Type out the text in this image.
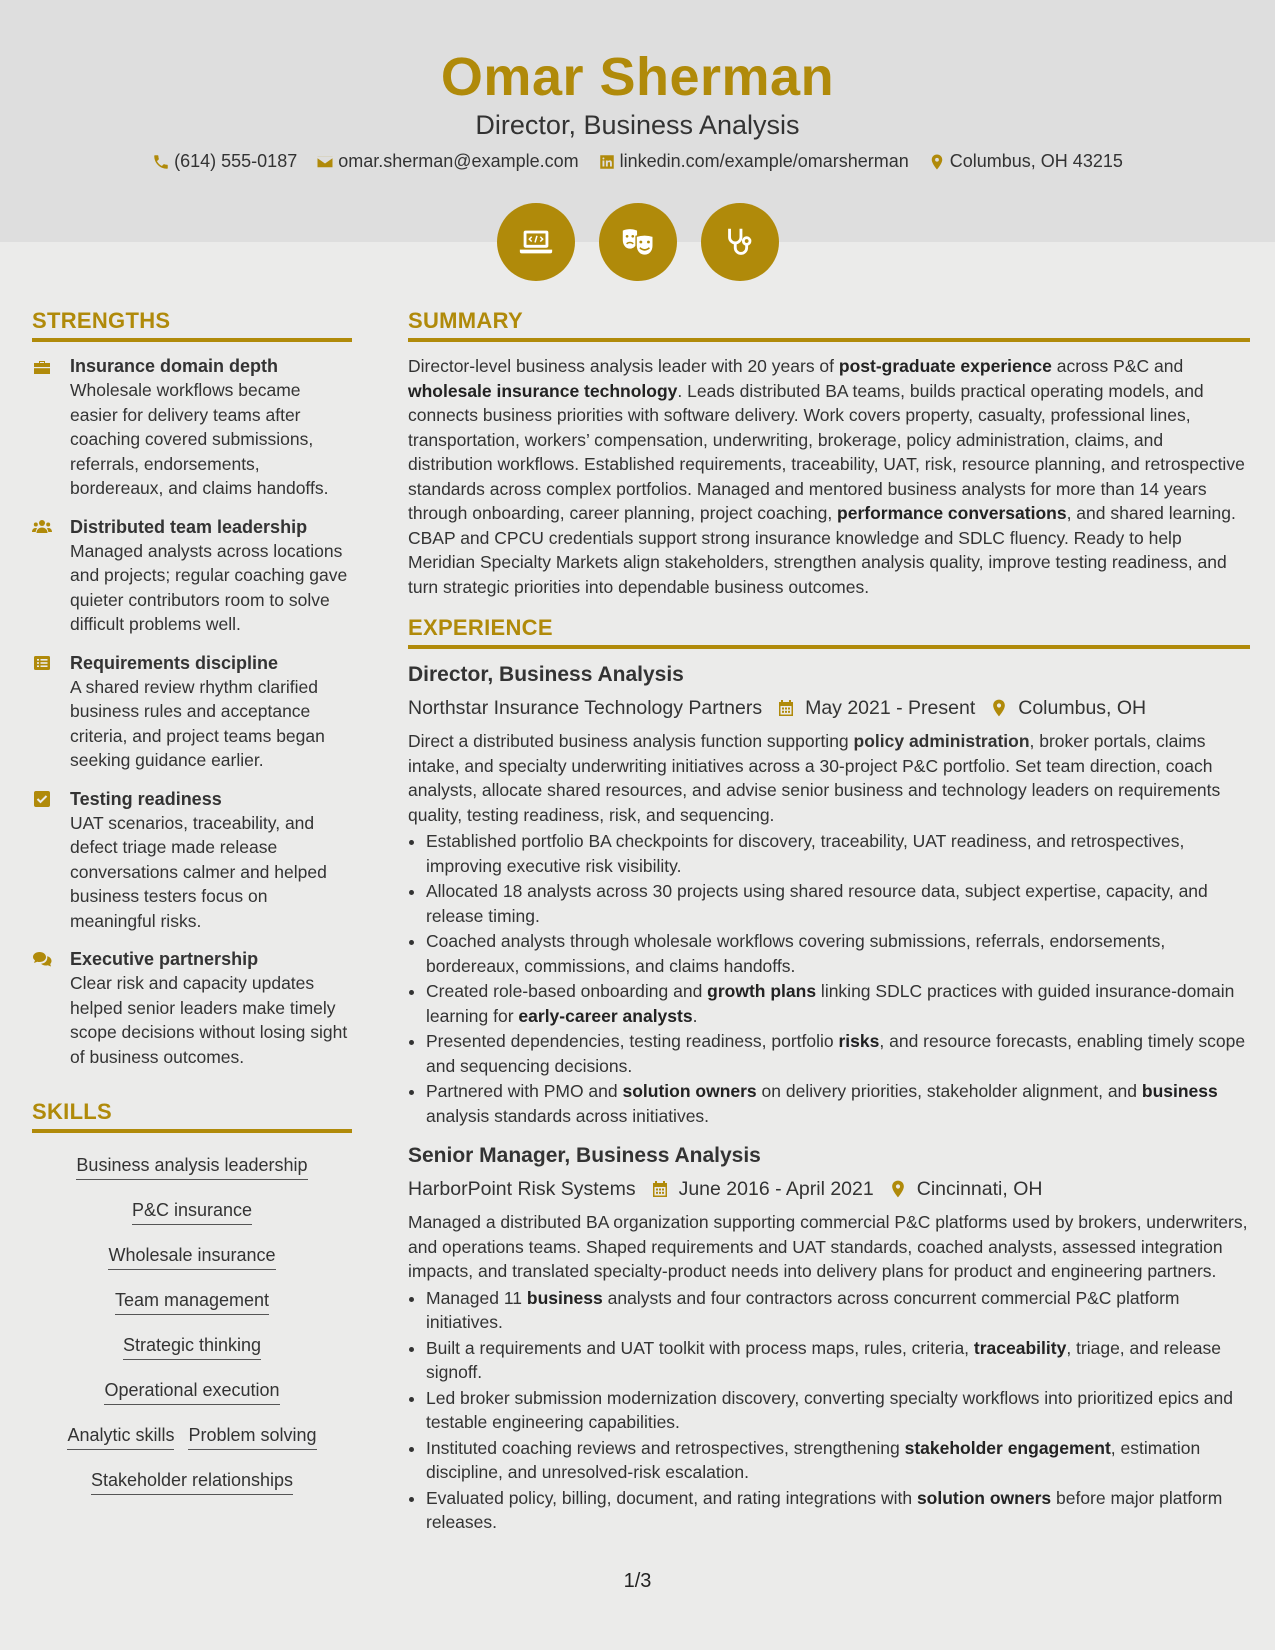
Omar Sherman
Director, Business Analysis
(614) 555-0187
omar.sherman@example.com
linkedin.com/example/omarsherman
Columbus, OH 43215

STRENGTHS
Insurance domain depth
Wholesale workflows became easier for delivery teams after coaching covered submissions, referrals, endorsements, bordereaux, and claims handoffs.
Distributed team leadership
Managed analysts across locations and projects; regular coaching gave quieter contributors room to solve difficult problems well.
Requirements discipline
A shared review rhythm clarified business rules and acceptance criteria, and project teams began seeking guidance earlier.
Testing readiness
UAT scenarios, traceability, and defect triage made release conversations calmer and helped business testers focus on meaningful risks.
Executive partnership
Clear risk and capacity updates helped senior leaders make timely scope decisions without losing sight of business outcomes.
SKILLS
Business analysis leadership
P&C insurance
Wholesale insurance
Team management
Strategic thinking
Operational execution
Analytic skills Problem solving
Stakeholder relationships
SUMMARY
Director-level business analysis leader with 20 years of post-graduate experience across P&C and wholesale insurance technology. Leads distributed BA teams, builds practical operating models, and connects business priorities with software delivery. Work covers property, casualty, professional lines, transportation, workers’ compensation, underwriting, brokerage, policy administration, claims, and distribution workflows. Established requirements, traceability, UAT, risk, resource planning, and retrospective standards across complex portfolios. Managed and mentored business analysts for more than 14 years through onboarding, career planning, project coaching, performance conversations, and shared learning. CBAP and CPCU credentials support strong insurance knowledge and SDLC fluency. Ready to help Meridian Specialty Markets align stakeholders, strengthen analysis quality, improve testing readiness, and turn strategic priorities into dependable business outcomes.
EXPERIENCE
Director, Business Analysis
Northstar Insurance Technology Partners May 2021 - Present Columbus, OH
Direct a distributed business analysis function supporting policy administration, broker portals, claims intake, and specialty underwriting initiatives across a 30-project P&C portfolio. Set team direction, coach analysts, allocate shared resources, and advise senior business and technology leaders on requirements quality, testing readiness, risk, and sequencing.
• Established portfolio BA checkpoints for discovery, traceability, UAT readiness, and retrospectives, improving executive risk visibility.
• Allocated 18 analysts across 30 projects using shared resource data, subject expertise, capacity, and release timing.
• Coached analysts through wholesale workflows covering submissions, referrals, endorsements, bordereaux, commissions, and claims handoffs.
• Created role-based onboarding and growth plans linking SDLC practices with guided insurance-domain learning for early-career analysts.
• Presented dependencies, testing readiness, portfolio risks, and resource forecasts, enabling timely scope and sequencing decisions.
• Partnered with PMO and solution owners on delivery priorities, stakeholder alignment, and business analysis standards across initiatives.
Senior Manager, Business Analysis
HarborPoint Risk Systems June 2016 - April 2021 Cincinnati, OH
Managed a distributed BA organization supporting commercial P&C platforms used by brokers, underwriters, and operations teams. Shaped requirements and UAT standards, coached analysts, assessed integration impacts, and translated specialty-product needs into delivery plans for product and engineering partners.
• Managed 11 business analysts and four contractors across concurrent commercial P&C platform initiatives.
• Built a requirements and UAT toolkit with process maps, rules, criteria, traceability, triage, and release signoff.
• Led broker submission modernization discovery, converting specialty workflows into prioritized epics and testable engineering capabilities.
• Instituted coaching reviews and retrospectives, strengthening stakeholder engagement, estimation discipline, and unresolved-risk escalation.
• Evaluated policy, billing, document, and rating integrations with solution owners before major platform releases.
1/3
